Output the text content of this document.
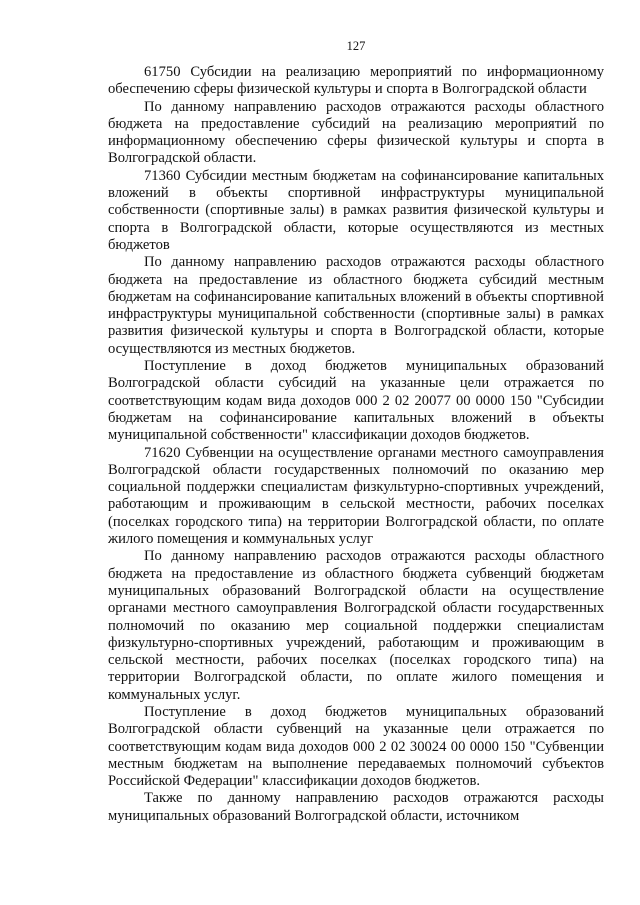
127

61750 Субсидии на реализацию мероприятий по информационному обеспечению сферы физической культуры и спорта в Волгоградской области

По данному направлению расходов отражаются расходы областного бюджета на предоставление субсидий на реализацию мероприятий по информационному обеспечению сферы физической культуры и спорта в Волгоградской области.

71360 Субсидии местным бюджетам на софинансирование капитальных вложений в объекты спортивной инфраструктуры муниципальной собственности (спортивные залы) в рамках развития физической культуры и спорта в Волгоградской области, которые осуществляются из местных бюджетов

По данному направлению расходов отражаются расходы областного бюджета на предоставление из областного бюджета субсидий местным бюджетам на софинансирование капитальных вложений в объекты спортивной инфраструктуры муниципальной собственности (спортивные залы) в рамках развития физической культуры и спорта в Волгоградской области, которые осуществляются из местных бюджетов.

Поступление в доход бюджетов муниципальных образований Волгоградской области субсидий на указанные цели отражается по соответствующим кодам вида доходов 000 2 02 20077 00 0000 150 "Субсидии бюджетам на софинансирование капитальных вложений в объекты муниципальной собственности" классификации доходов бюджетов.

71620 Субвенции на осуществление органами местного самоуправления Волгоградской области государственных полномочий по оказанию мер социальной поддержки специалистам физкультурно-спортивных учреждений, работающим и проживающим в сельской местности, рабочих поселках (поселках городского типа) на территории Волгоградской области, по оплате жилого помещения и коммунальных услуг

По данному направлению расходов отражаются расходы областного бюджета на предоставление из областного бюджета субвенций бюджетам муниципальных образований Волгоградской области на осуществление органами местного самоуправления Волгоградской области государственных полномочий по оказанию мер социальной поддержки специалистам физкультурно-спортивных учреждений, работающим и проживающим в сельской местности, рабочих поселках (поселках городского типа) на территории Волгоградской области, по оплате жилого помещения и коммунальных услуг.

Поступление в доход бюджетов муниципальных образований Волгоградской области субвенций на указанные цели отражается по соответствующим кодам вида доходов 000 2 02 30024 00 0000 150 "Субвенции местным бюджетам на выполнение передаваемых полномочий субъектов Российской Федерации" классификации доходов бюджетов.

Также по данному направлению расходов отражаются расходы муниципальных образований Волгоградской области, источником
